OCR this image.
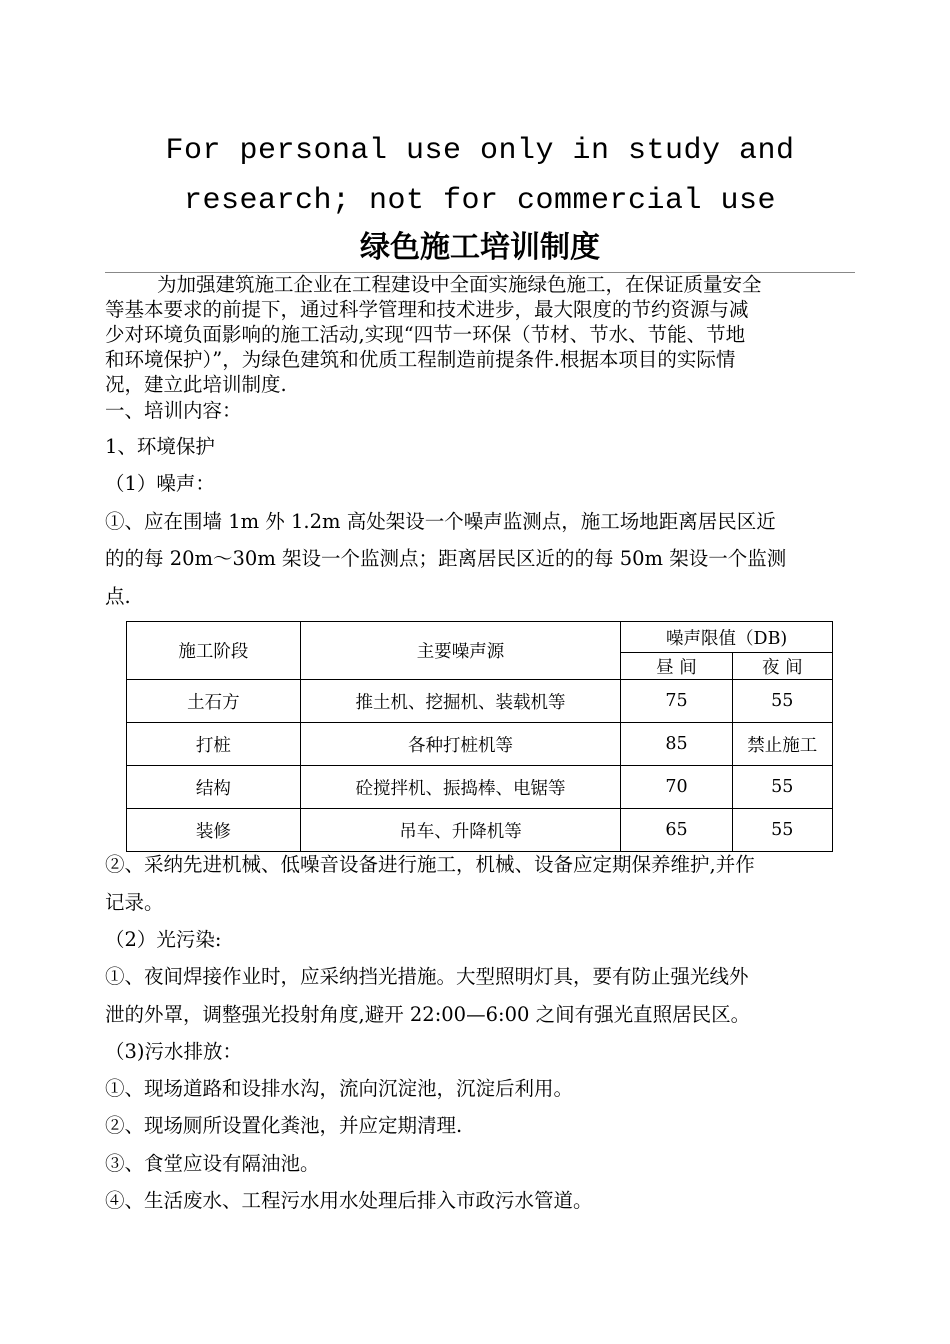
For personal use only in study and
research; not for commercial use
绿色施工培训制度
为加强建筑施工企业在工程建设中全面实施绿色施工，在保证质量安全
等基本要求的前提下，通过科学管理和技术进步，最大限度的节约资源与减
少对环境负面影响的施工活动,实现“四节一环保（节材、节水、节能、节地
和环境保护）”，为绿色建筑和优质工程制造前提条件.根据本项目的实际情
况，建立此培训制度.
一、培训内容：
1、环境保护
（1）噪声：
①、应在围墙 1m 外 1.2m 高处架设一个噪声监测点，施工场地距离居民区近
的的每 20m～30m 架设一个监测点；距离居民区近的的每 50m 架设一个监测
点.
施工阶段	主要噪声源	噪声限值（DB)	
		昼 间	夜 间
土石方	推土机、挖掘机、装载机等	75	55
打桩	各种打桩机等	85	禁止施工
结构	砼搅拌机、振捣棒、电锯等	70	55
装修	吊车、升降机等	65	55
②、采纳先进机械、低噪音设备进行施工，机械、设备应定期保养维护,并作
记录。
（2）光污染:
①、夜间焊接作业时，应采纳挡光措施。大型照明灯具，要有防止强光线外
泄的外罩，调整强光投射角度,避开 22:00—6:00 之间有强光直照居民区。
（3)污水排放：
①、现场道路和设排水沟，流向沉淀池，沉淀后利用。
②、现场厕所设置化粪池，并应定期清理.
③、食堂应设有隔油池。
④、生活废水、工程污水用水处理后排入市政污水管道。
